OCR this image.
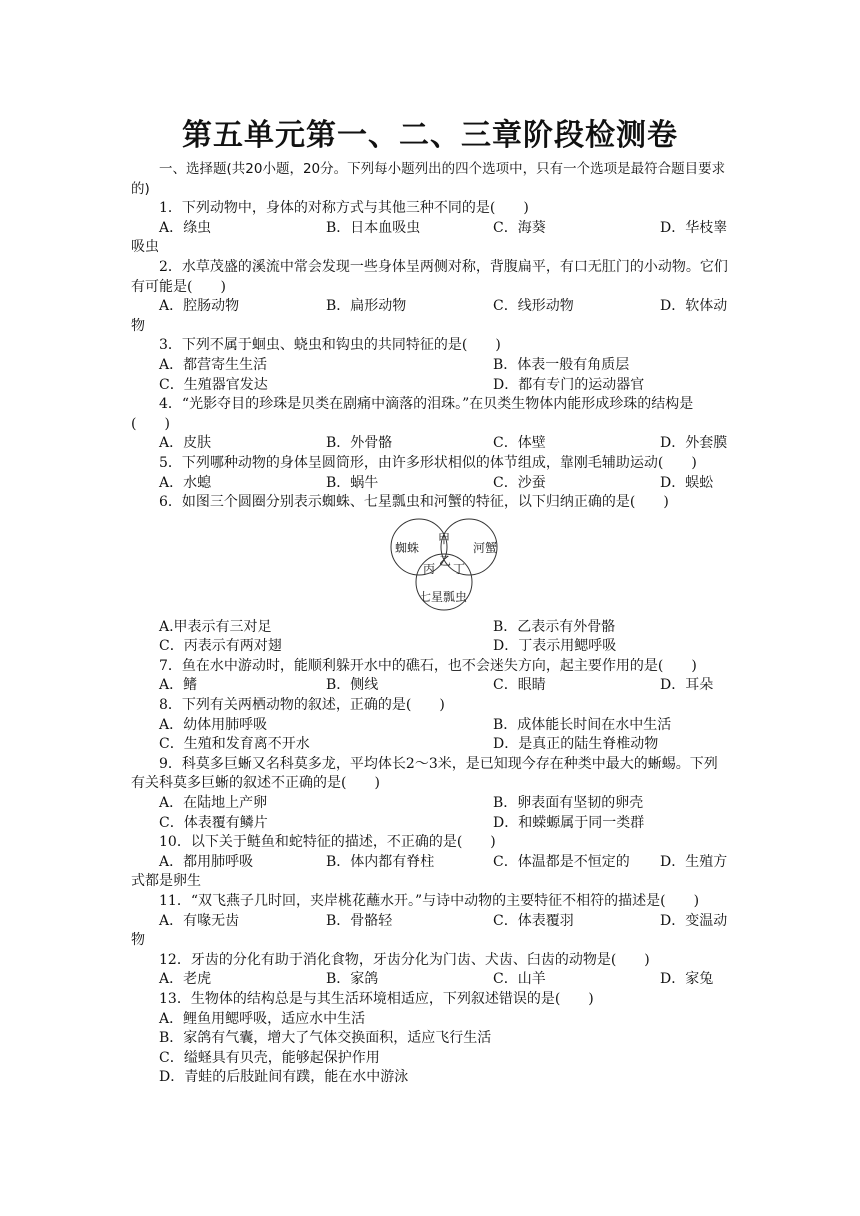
第五单元第一、二、三章阶段检测卷

一、选择题(共20小题，20分。下列每小题列出的四个选项中，只有一个选项是最符合题目要求的)

1．下列动物中，身体的对称方式与其他三种不同的是(　　)

A．绦虫	B．日本血吸虫	C．海葵	D．华枝睾

吸虫

2．水草茂盛的溪流中常会发现一些身体呈两侧对称，背腹扁平，有口无肛门的小动物。它们有可能是(　　)

A．腔肠动物	B．扁形动物	C．线形动物	D．软体动

物

3．下列不属于蛔虫、蛲虫和钩虫的共同特征的是(　　)

A．都营寄生生活	B．体表一般有角质层
C．生殖器官发达	D．都有专门的运动器官

4．“光影夺目的珍珠是贝类在剧痛中滴落的泪珠。”在贝类生物体内能形成珍珠的结构是(　　)

A．皮肤	B．外骨骼	C．体壁	D．外套膜

5．下列哪种动物的身体呈圆筒形，由许多形状相似的体节组成，靠刚毛辅助运动(　　)

A．水螅	B．蜗牛	C．沙蚕	D．蜈蚣

6．如图三个圆圈分别表示蜘蛛、七星瓢虫和河蟹的特征，以下归纳正确的是(　　)

蜘蛛	河蟹
七星瓢虫
甲
乙
丙 丁
A.甲表示有三对足	B．乙表示有外骨骼
C．丙表示有两对翅	D．丁表示用鳃呼吸

7．鱼在水中游动时，能顺利躲开水中的礁石，也不会迷失方向，起主要作用的是(　　)

A．鳍	B．侧线	C．眼睛	D．耳朵

8．下列有关两栖动物的叙述，正确的是(　　)

A．幼体用肺呼吸	B．成体能长时间在水中生活
C．生殖和发育离不开水	D．是真正的陆生脊椎动物

9．科莫多巨蜥又名科莫多龙，平均体长2～3米，是已知现今存在种类中最大的蜥蜴。下列有关科莫多巨蜥的叙述不正确的是(　　)

A．在陆地上产卵	B．卵表面有坚韧的卵壳
C．体表覆有鳞片	D．和蝾螈属于同一类群

10．以下关于鲢鱼和蛇特征的描述，不正确的是(　　)

A．都用肺呼吸	B．体内都有脊柱	C．体温都是不恒定的	D．生殖方

式都是卵生

11．“双飞燕子几时回，夹岸桃花蘸水开。”与诗中动物的主要特征不相符的描述是(　　)

A．有喙无齿	B．骨骼轻	C．体表覆羽	D．变温动

物

12．牙齿的分化有助于消化食物，牙齿分化为门齿、犬齿、臼齿的动物是(　　)

A．老虎	B．家鸽	C．山羊	D．家兔

13．生物体的结构总是与其生活环境相适应，下列叙述错误的是(　　)

A．鲤鱼用鳃呼吸，适应水中生活

B．家鸽有气囊，增大了气体交换面积，适应飞行生活

C．缢蛏具有贝壳，能够起保护作用

D．青蛙的后肢趾间有蹼，能在水中游泳
